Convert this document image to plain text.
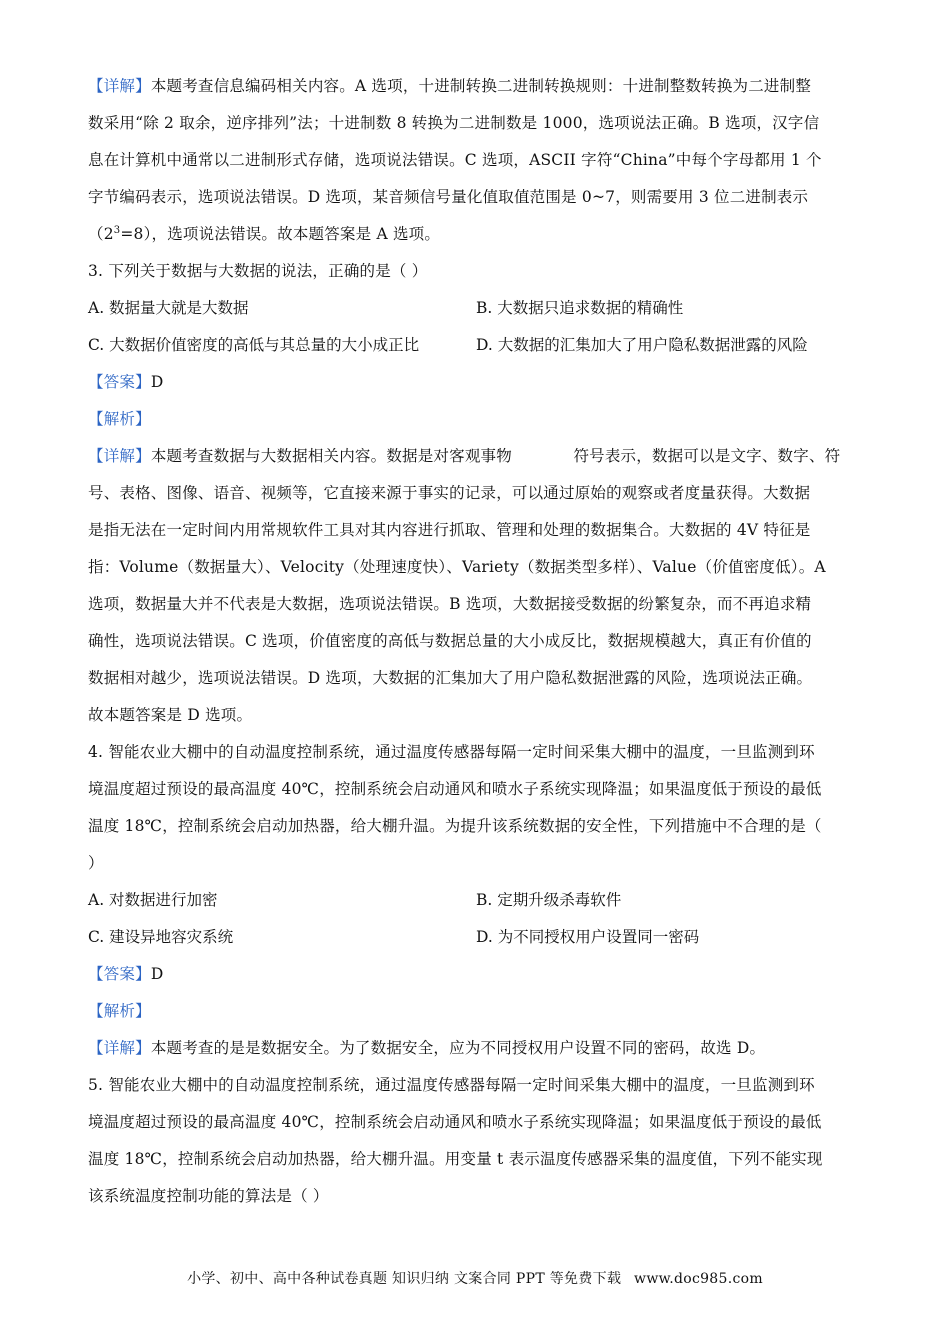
【详解】本题考查信息编码相关内容。A 选项，十进制转换二进制转换规则：十进制整数转换为二进制整
数采用“除 2 取余，逆序排列”法；十进制数 8 转换为二进制数是 1000，选项说法正确。B 选项，汉字信
息在计算机中通常以二进制形式存储，选项说法错误。C 选项，ASCII 字符“China”中每个字母都用 1 个
字节编码表示，选项说法错误。D 选项，某音频信号量化值取值范围是 0~7，则需要用 3 位二进制表示
$(2^3=8)$，选项说法错误。故本题答案是 A 选项。
3. 下列关于数据与大数据的说法，正确的是（ ）
A. 数据量大就是大数据	B. 大数据只追求数据的精确性
C. 大数据价值密度的高低与其总量的大小成正比	D. 大数据的汇集加大了用户隐私数据泄露的风险
【答案】D
【解析】
【详解】本题考查数据与大数据相关内容。数据是对客观事物            符号表示，数据可以是文字、数字、符
号、表格、图像、语音、视频等，它直接来源于事实的记录，可以通过原始的观察或者度量获得。大数据
是指无法在一定时间内用常规软件工具对其内容进行抓取、管理和处理的数据集合。大数据的 4V 特征是
指：Volume（数据量大）、Velocity（处理速度快）、Variety（数据类型多样）、Value（价值密度低）。A
选项，数据量大并不代表是大数据，选项说法错误。B 选项，大数据接受数据的纷繁复杂，而不再追求精
确性，选项说法错误。C 选项，价值密度的高低与数据总量的大小成反比，数据规模越大，真正有价值的
数据相对越少，选项说法错误。D 选项，大数据的汇集加大了用户隐私数据泄露的风险，选项说法正确。
故本题答案是 D 选项。
4. 智能农业大棚中的自动温度控制系统，通过温度传感器每隔一定时间采集大棚中的温度，一旦监测到环
境温度超过预设的最高温度 40℃，控制系统会启动通风和喷水子系统实现降温；如果温度低于预设的最低
温度 18℃，控制系统会启动加热器，给大棚升温。为提升该系统数据的安全性，下列措施中不合理的是（
）
A. 对数据进行加密	B. 定期升级杀毒软件
C. 建设异地容灾系统	D. 为不同授权用户设置同一密码
【答案】D
【解析】
【详解】本题考查的是是数据安全。为了数据安全，应为不同授权用户设置不同的密码，故选 D。
5. 智能农业大棚中的自动温度控制系统，通过温度传感器每隔一定时间采集大棚中的温度，一旦监测到环
境温度超过预设的最高温度 40℃，控制系统会启动通风和喷水子系统实现降温；如果温度低于预设的最低
温度 18℃，控制系统会启动加热器，给大棚升温。用变量 t 表示温度传感器采集的温度值，下列不能实现
该系统温度控制功能的算法是（ ）
小学、初中、高中各种试卷真题 知识归纳 文案合同 PPT 等免费下载 www.doc985.com
